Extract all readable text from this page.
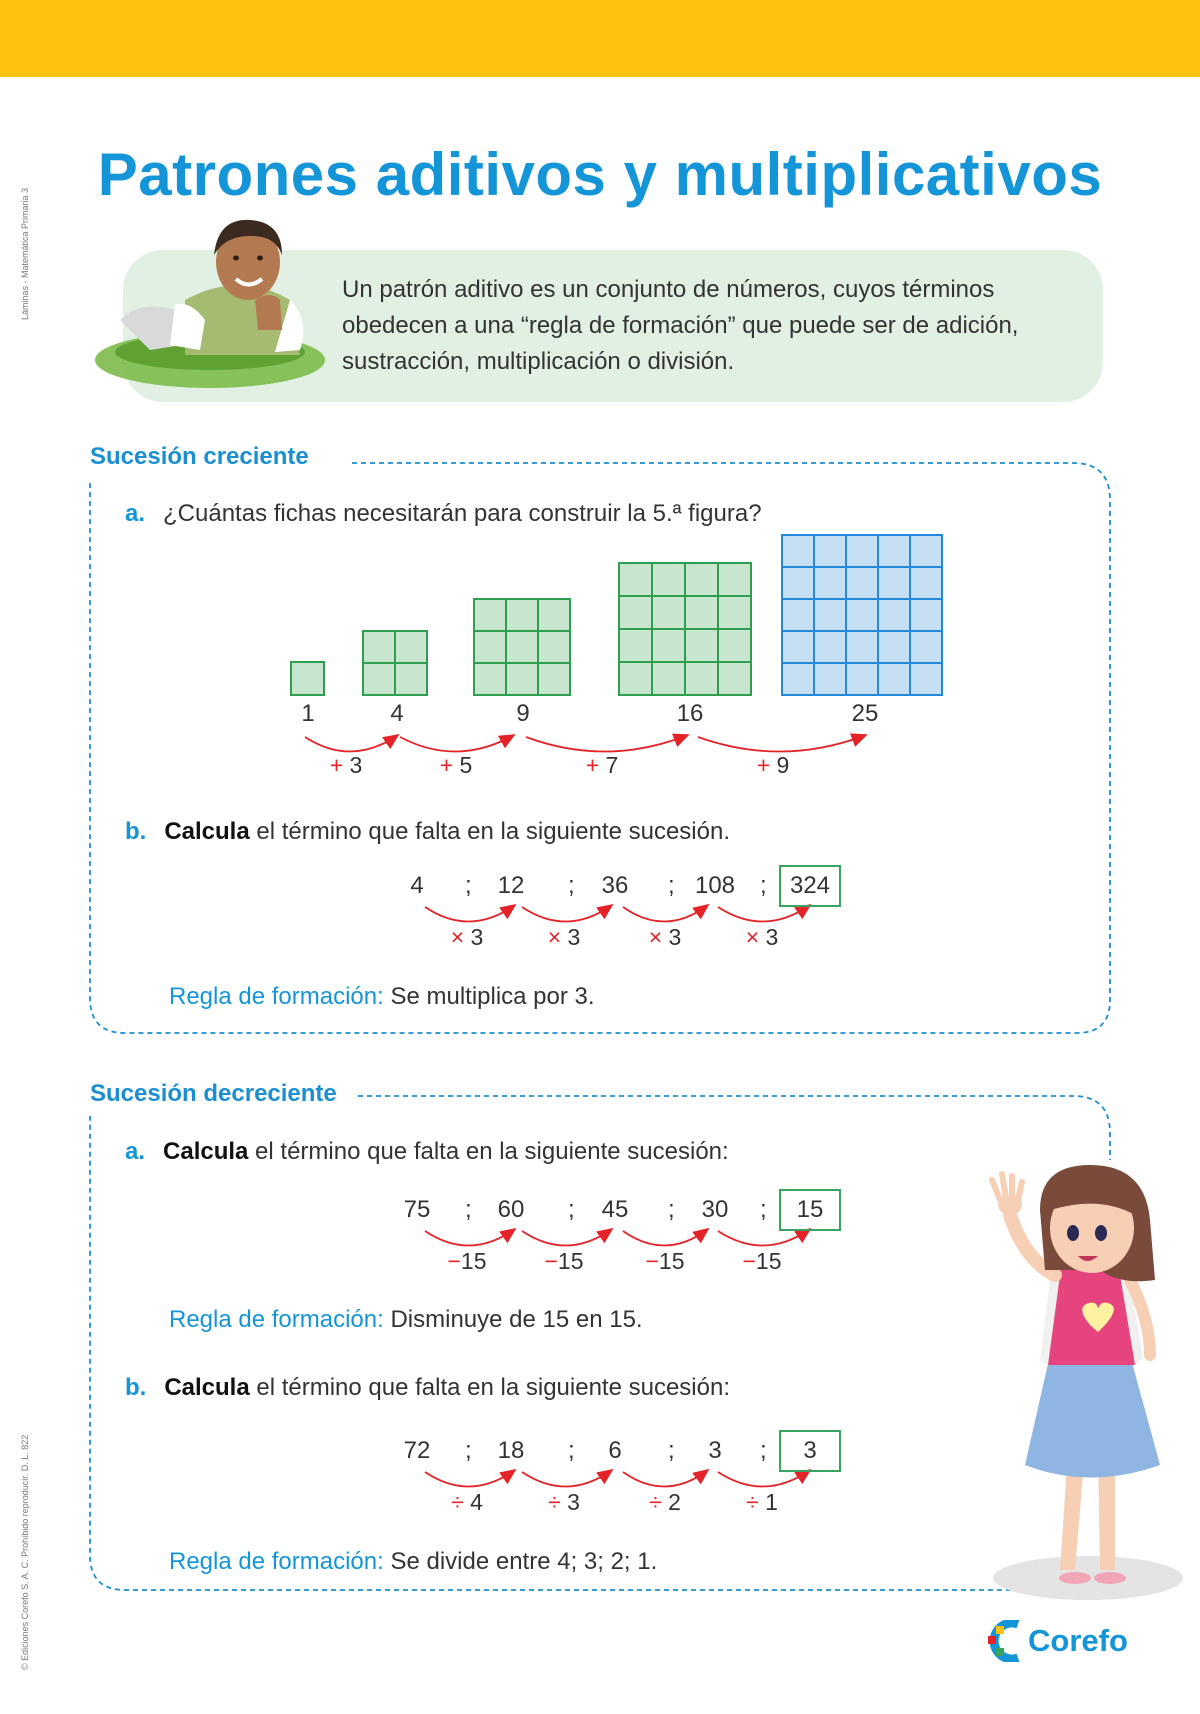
Láminas - Matemática Primaria 3
© Ediciones Corefo S. A. C. Prohibido reproducir. D. L. 822
Patrones aditivos y multiplicativos
Un patrón aditivo es un conjunto de números, cuyos términos obedecen a una “regla de formación” que puede ser de adición, sustracción, multiplicación o división.
Sucesión creciente
a. ¿Cuántas fichas necesitarán para construir la 5.ª figura?
1	4	9	16	25
+ 3	+ 5	+ 7	+ 9
b. Calcula el término que falta en la siguiente sucesión.
4	;	12	;	36	; 108	; 324
× 3	× 3	× 3	× 3
Regla de formación: Se multiplica por 3.
Sucesión decreciente
a. Calcula el término que falta en la siguiente sucesión:
75	;	60	;	45	;	30	;	15
−15	−15	−15	−15
Regla de formación: Disminuye de 15 en 15.
b. Calcula el término que falta en la siguiente sucesión:
72	;	18	;	6	;	3	;	3
÷ 4	÷ 3	÷ 2	÷ 1
Regla de formación: Se divide entre 4; 3; 2; 1.
Corefo
